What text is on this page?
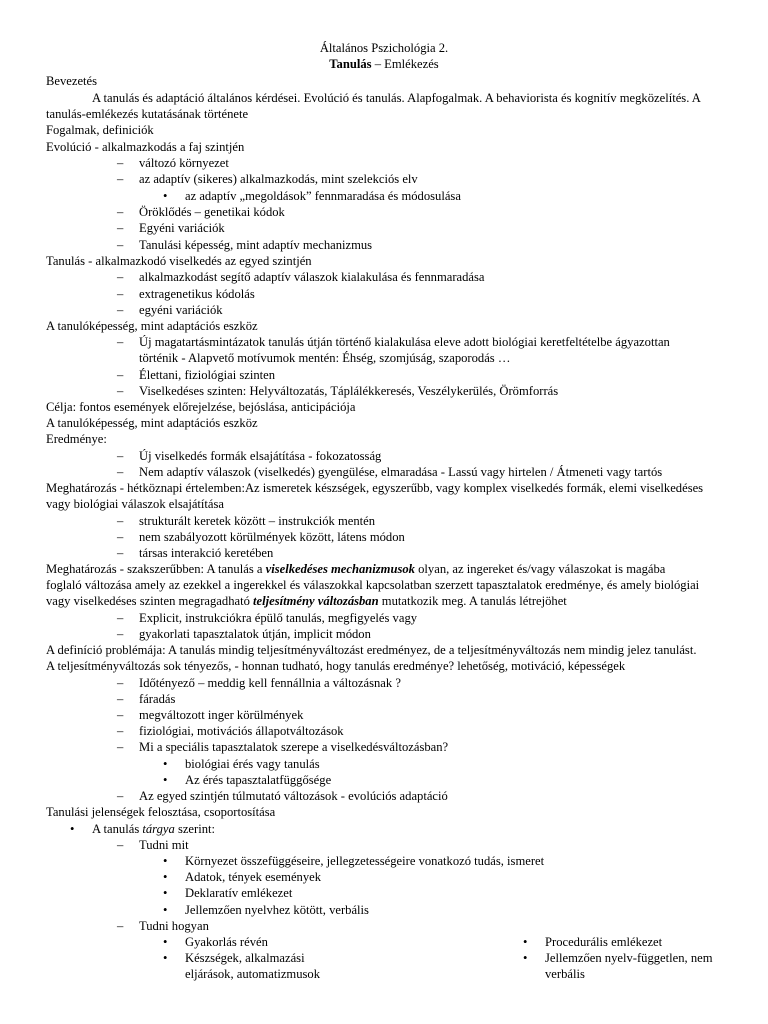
Általános Pszichológia 2.
Tanulás – Emlékezés
Bevezetés
A tanulás és adaptáció általános kérdései. Evolúció és tanulás. Alapfogalmak. A behaviorista és kognitív megközelítés. A
tanulás-emlékezés kutatásának története
Fogalmak, definiciók
Evolúció - alkalmazkodás a faj szintjén
– változó környezet
– az adaptív (sikeres) alkalmazkodás, mint szelekciós elv
• az adaptív „megoldások” fennmaradása és módosulása
– Öröklődés – genetikai kódok
– Egyéni variációk
– Tanulási képesség, mint adaptív mechanizmus
Tanulás - alkalmazkodó viselkedés az egyed szintjén
– alkalmazkodást segítő adaptív válaszok kialakulása és fennmaradása
– extragenetikus kódolás
– egyéni variációk
A tanulóképesség, mint adaptációs eszköz
– Új magatartásmintázatok tanulás útján történő kialakulása eleve adott biológiai keretfeltételbe ágyazottan
történik - Alapvető motívumok mentén: Éhség, szomjúság, szaporodás …
– Élettani, fiziológiai szinten
– Viselkedéses szinten: Helyváltozatás, Táplálékkeresés, Veszélykerülés, Örömforrás
Célja: fontos események előrejelzése, bejóslása, anticipációja
A tanulóképesség, mint adaptációs eszköz
Eredménye:
– Új viselkedés formák elsajátítása - fokozatosság
– Nem adaptív válaszok (viselkedés) gyengülése, elmaradása - Lassú vagy hirtelen / Átmeneti vagy tartós
Meghatározás - hétköznapi értelemben:Az ismeretek készségek, egyszerűbb, vagy komplex viselkedés formák, elemi viselkedéses
vagy biológiai válaszok elsajátítása
– strukturált keretek között – instrukciók mentén
– nem szabályozott körülmények között, látens módon
– társas interakció keretében
Meghatározás - szakszerűbben: A tanulás a viselkedéses mechanizmusok olyan, az ingereket és/vagy válaszokat is magába
foglaló változása amely az ezekkel a ingerekkel és válaszokkal kapcsolatban szerzett tapasztalatok eredménye, és amely biológiai
vagy viselkedéses szinten megragadható teljesítmény változásban mutatkozik meg. A tanulás létrejöhet
– Explicit, instrukciókra épülő tanulás, megfigyelés vagy
– gyakorlati tapasztalatok útján, implicit módon
A definíció problémája: A tanulás mindig teljesítményváltozást eredményez, de a teljesítményváltozás nem mindig jelez tanulást.
A teljesítményváltozás sok tényezős, - honnan tudható, hogy tanulás eredménye? lehetőség, motiváció, képességek
– Időtényező – meddig kell fennállnia a változásnak ?
– fáradás
– megváltozott inger körülmények
– fiziológiai, motivációs állapotváltozások
– Mi a speciális tapasztalatok szerepe a viselkedésváltozásban?
• biológiai érés vagy tanulás
• Az érés tapasztalatfüggősége
– Az egyed szintjén túlmutató változások - evolúciós adaptáció
Tanulási jelenségek felosztása, csoportosítása
• A tanulás tárgya szerint:
– Tudni mit
• Környezet összefüggéseire, jellegzetességeire vonatkozó tudás, ismeret
• Adatok, tények események
• Deklaratív emlékezet
• Jellemzően nyelvhez kötött, verbális
– Tudni hogyan
• Gyakorlás révén
• Készségek, alkalmazási
eljárások, automatizmusok
• Procedurális emlékezet
• Jellemzően nyelv-független, nem
verbális
